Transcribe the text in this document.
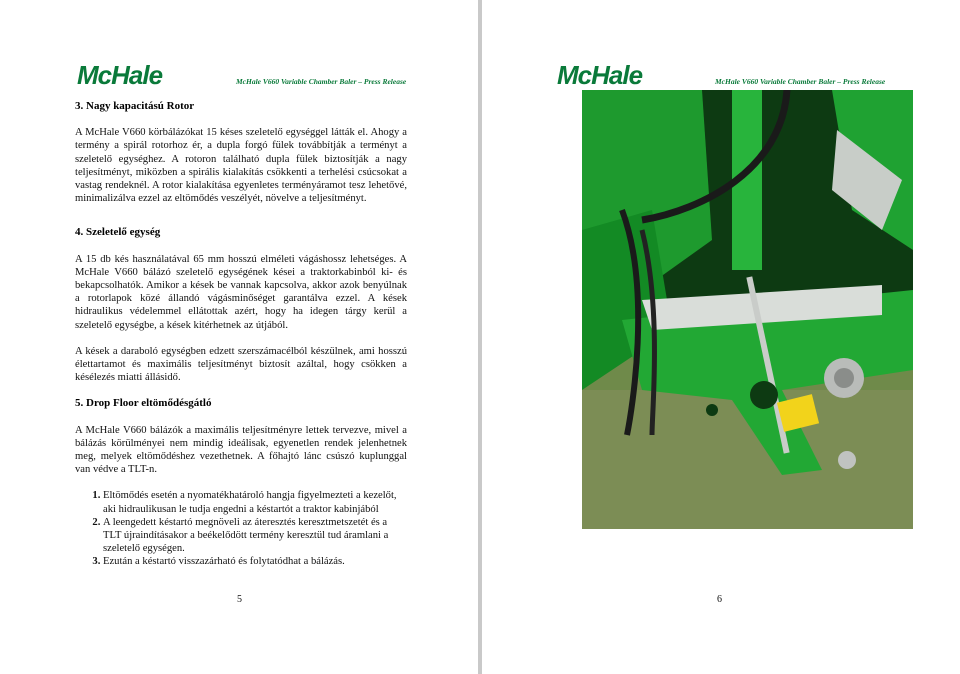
McHale	McHale V660 Variable Chamber Baler – Press Release
3. Nagy kapacitású Rotor

A McHale V660 körbálázókat 15 késes szeletelő egységgel látták el. Ahogy a termény a spirál rotorhoz ér, a dupla forgó fülek továbbítják a terményt a szeletelő egységhez. A rotoron található dupla fülek biztosítják a nagy teljesítményt, miközben a spirális kialakítás csökkenti a terhelési csúcsokat a vastag rendeknél. A rotor kialakítása egyenletes terményáramot tesz lehetővé, minimalizálva ezzel az eltömődés veszélyét, növelve a teljesítményt.

4. Szeletelő egység

A 15 db kés használatával 65 mm hosszú elméleti vágáshossz lehetséges. A McHale V660 bálázó szeletelő egységének kései a traktorkabinból ki- és bekapcsolhatók. Amikor a kések be vannak kapcsolva, akkor azok benyúlnak a rotorlapok közé állandó vágásminőséget garantálva ezzel. A kések hidraulikus védelemmel ellátottak azért, hogy ha idegen tárgy kerül a szeletelő egységbe, a kések kitérhetnek az útjából.

A kések a daraboló egységben edzett szerszámacélból készülnek, ami hosszú élettartamot és maximális teljesítményt biztosít azáltal, hogy csökken a késélezés miatti állásidő.

5. Drop Floor eltömődésgátló

A McHale V660 bálázók a maximális teljesítményre lettek tervezve, mivel a bálázás körülményei nem mindig ideálisak, egyenetlen rendek jelenhetnek meg, melyek eltömődéshez vezethetnek. A főhajtó lánc csúszó kuplunggal van védve a TLT-n.

1. Eltömődés esetén a nyomatékhatároló hangja figyelmezteti a kezelőt, aki hidraulikusan le tudja engedni a késtartót a traktor kabinjából
2. A leengedett késtartó megnöveli az áteresztés keresztmetszetét és a TLT újraindításakor a beékelődött termény keresztül tud áramlani a szeletelő egységen.
3. Ezután a késtartó visszazárható és folytatódhat a bálázás.
5
McHale	McHale V660 Variable Chamber Baler – Press Release
6
